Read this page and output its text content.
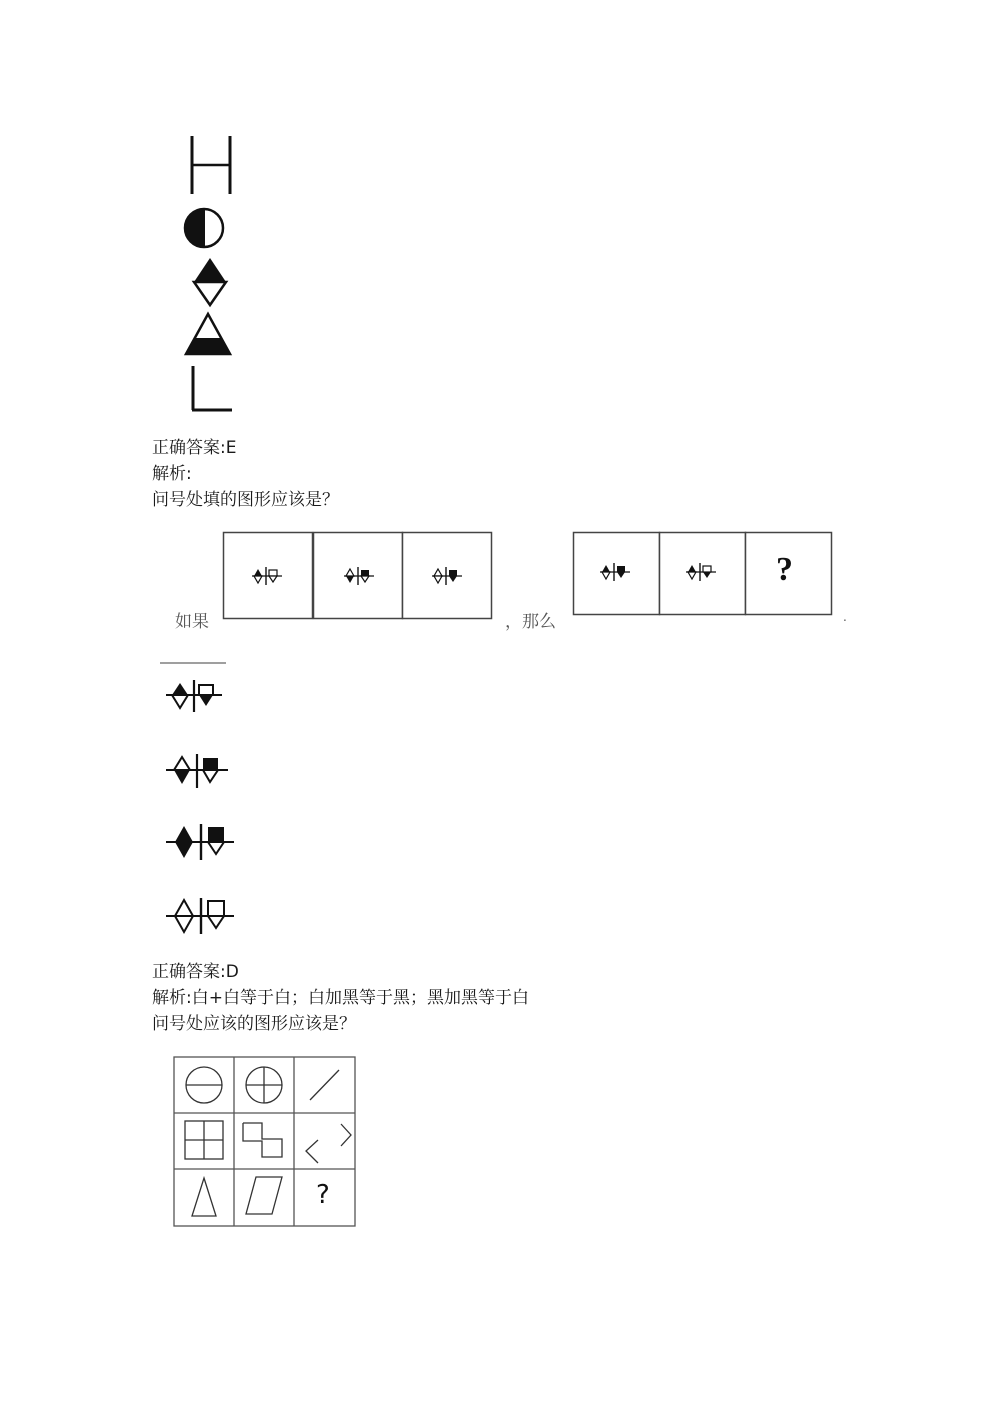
正确答案:E
解析:
问号处填的图形应该是？
如果	，那么
?
.
正确答案:D
解析:白+白等于白；白加黑等于黑；黑加黑等于白
问号处应该的图形应该是？
?
